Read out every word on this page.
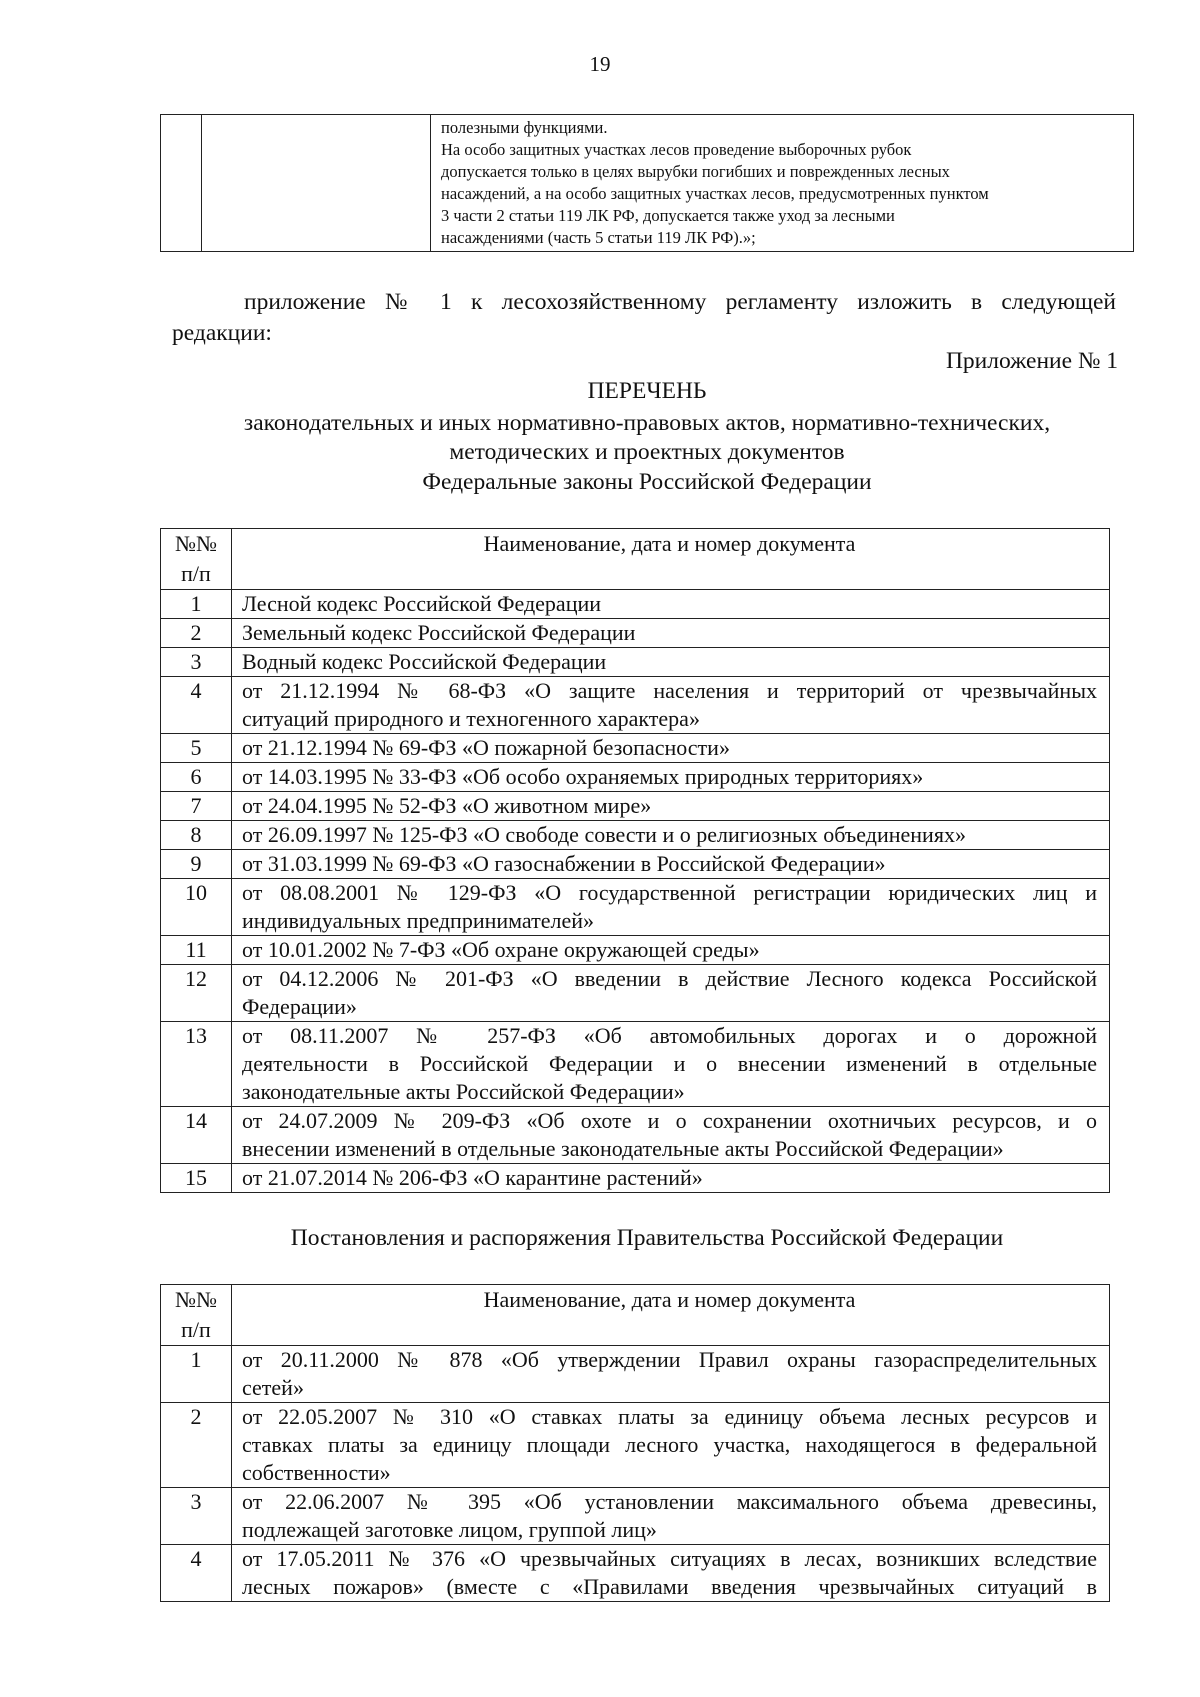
19

полезными функциями.
На особо защитных участках лесов проведение выборочных рубок
допускается только в целях вырубки погибших и поврежденных лесных
насаждений, а на особо защитных участках лесов, предусмотренных пунктом
3 части 2 статьи 119 ЛК РФ, допускается также уход за лесными
насаждениями (часть 5 статьи 119 ЛК РФ).»;
приложение № 1 к лесохозяйственному регламенту изложить в следующей
редакции:
Приложение № 1
ПЕРЕЧЕНЬ
законодательных и иных нормативно-правовых актов, нормативно-технических,
методических и проектных документов
Федеральные законы Российской Федерации
№№
п/п	Наименование, дата и номер документа
1	Лесной кодекс Российской Федерации

2	Земельный кодекс Российской Федерации

3	Водный кодекс Российской Федерации

4	от 21.12.1994 № 68-ФЗ «О защите населения и территорий от чрезвычайных
ситуаций природного и техногенного характера»

5	от 21.12.1994 № 69-ФЗ «О пожарной безопасности»

6	от 14.03.1995 № 33-ФЗ «Об особо охраняемых природных территориях»

7	от 24.04.1995 № 52-ФЗ «О животном мире»

8	от 26.09.1997 № 125-ФЗ «О свободе совести и о религиозных объединениях»

9	от 31.03.1999 № 69-ФЗ «О газоснабжении в Российской Федерации»

10	от 08.08.2001 № 129-ФЗ «О государственной регистрации юридических лиц и
индивидуальных предпринимателей»

11	от 10.01.2002 № 7-ФЗ «Об охране окружающей среды»

12	от 04.12.2006 № 201-ФЗ «О введении в действие Лесного кодекса Российской
Федерации»

13	от 08.11.2007 № 257-ФЗ «Об автомобильных дорогах и о дорожной
деятельности в Российской Федерации и о внесении изменений в отдельные
законодательные акты Российской Федерации»

14	от 24.07.2009 № 209-ФЗ «Об охоте и о сохранении охотничьих ресурсов, и о
внесении изменений в отдельные законодательные акты Российской Федерации»

15	от 21.07.2014 № 206-ФЗ «О карантине растений»
Постановления и распоряжения Правительства Российской Федерации
№№
п/п	Наименование, дата и номер документа
1	от 20.11.2000 № 878 «Об утверждении Правил охраны газораспределительных
сетей»

2	от 22.05.2007 № 310 «О ставках платы за единицу объема лесных ресурсов и
ставках платы за единицу площади лесного участка, находящегося в федеральной
собственности»

3	от 22.06.2007 № 395 «Об установлении максимального объема древесины,
подлежащей заготовке лицом, группой лиц»

4	от 17.05.2011 № 376 «О чрезвычайных ситуациях в лесах, возникших вследствие
лесных пожаров» (вместе с «Правилами введения чрезвычайных ситуаций в
